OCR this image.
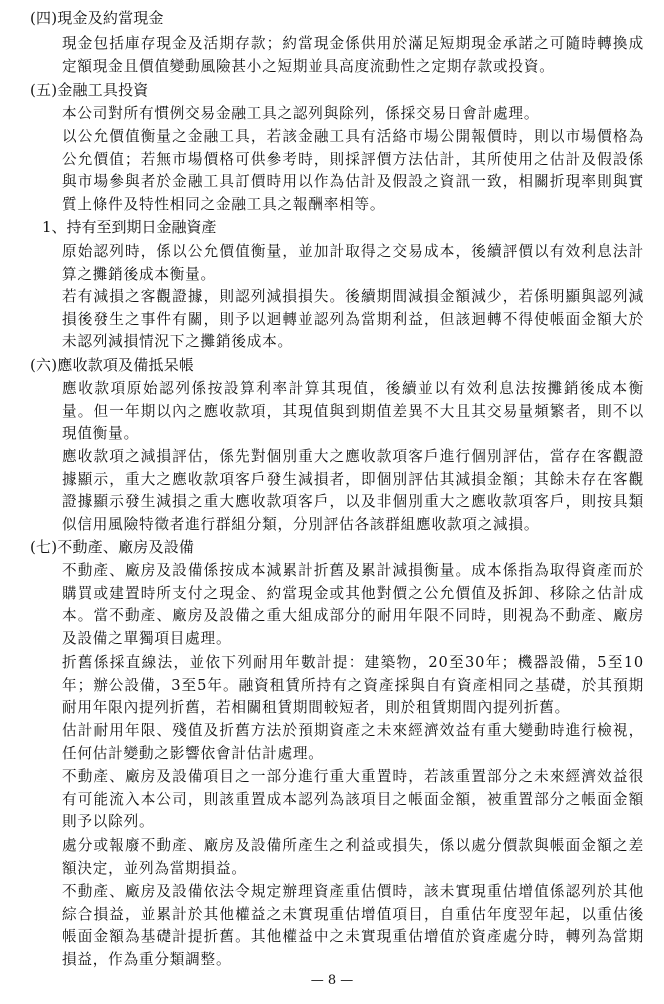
(四)現金及約當現金
現金包括庫存現金及活期存款；約當現金係供用於滿足短期現金承諾之可隨時轉換成定額現金且價值變動風險甚小之短期並具高度流動性之定期存款或投資。
(五)金融工具投資
本公司對所有慣例交易金融工具之認列與除列，係採交易日會計處理。
以公允價值衡量之金融工具，若該金融工具有活絡市場公開報價時，則以市場價格為公允價值；若無市場價格可供參考時，則採評價方法估計，其所使用之估計及假設係與市場參與者於金融工具訂價時用以作為估計及假設之資訊一致，相關折現率則與實質上條件及特性相同之金融工具之報酬率相等。
1、持有至到期日金融資產
原始認列時，係以公允價值衡量，並加計取得之交易成本，後續評價以有效利息法計算之攤銷後成本衡量。
若有減損之客觀證據，則認列減損損失。後續期間減損金額減少，若係明顯與認列減損後發生之事件有關，則予以迴轉並認列為當期利益，但該迴轉不得使帳面金額大於未認列減損情況下之攤銷後成本。
(六)應收款項及備抵呆帳
應收款項原始認列係按設算利率計算其現值，後續並以有效利息法按攤銷後成本衡量。但一年期以內之應收款項，其現值與到期值差異不大且其交易量頻繁者，則不以現值衡量。
應收款項之減損評估，係先對個別重大之應收款項客戶進行個別評估，當存在客觀證據顯示，重大之應收款項客戶發生減損者，即個別評估其減損金額；其餘未存在客觀證據顯示發生減損之重大應收款項客戶，以及非個別重大之應收款項客戶，則按具類似信用風險特徵者進行群組分類，分別評估各該群組應收款項之減損。
(七)不動產、廠房及設備
不動產、廠房及設備係按成本減累計折舊及累計減損衡量。成本係指為取得資產而於購買或建置時所支付之現金、約當現金或其他對價之公允價值及拆卸、移除之估計成本。當不動產、廠房及設備之重大組成部分的耐用年限不同時，則視為不動產、廠房及設備之單獨項目處理。
折舊係採直線法，並依下列耐用年數計提：建築物，20至30年；機器設備，5至10年；辦公設備，3至5年。融資租賃所持有之資產採與自有資產相同之基礎，於其預期耐用年限內提列折舊，若相關租賃期間較短者，則於租賃期間內提列折舊。
估計耐用年限、殘值及折舊方法於預期資產之未來經濟效益有重大變動時進行檢視，任何估計變動之影響依會計估計處理。
不動產、廠房及設備項目之一部分進行重大重置時，若該重置部分之未來經濟效益很有可能流入本公司，則該重置成本認列為該項目之帳面金額，被重置部分之帳面金額則予以除列。
處分或報廢不動產、廠房及設備所產生之利益或損失，係以處分價款與帳面金額之差額決定，並列為當期損益。
不動產、廠房及設備依法令規定辦理資產重估價時，該未實現重估增值係認列於其他綜合損益，並累計於其他權益之未實現重估增值項目，自重估年度翌年起，以重估後帳面金額為基礎計提折舊。其他權益中之未實現重估增值於資產處分時，轉列為當期損益，作為重分類調整。
— 8 —
